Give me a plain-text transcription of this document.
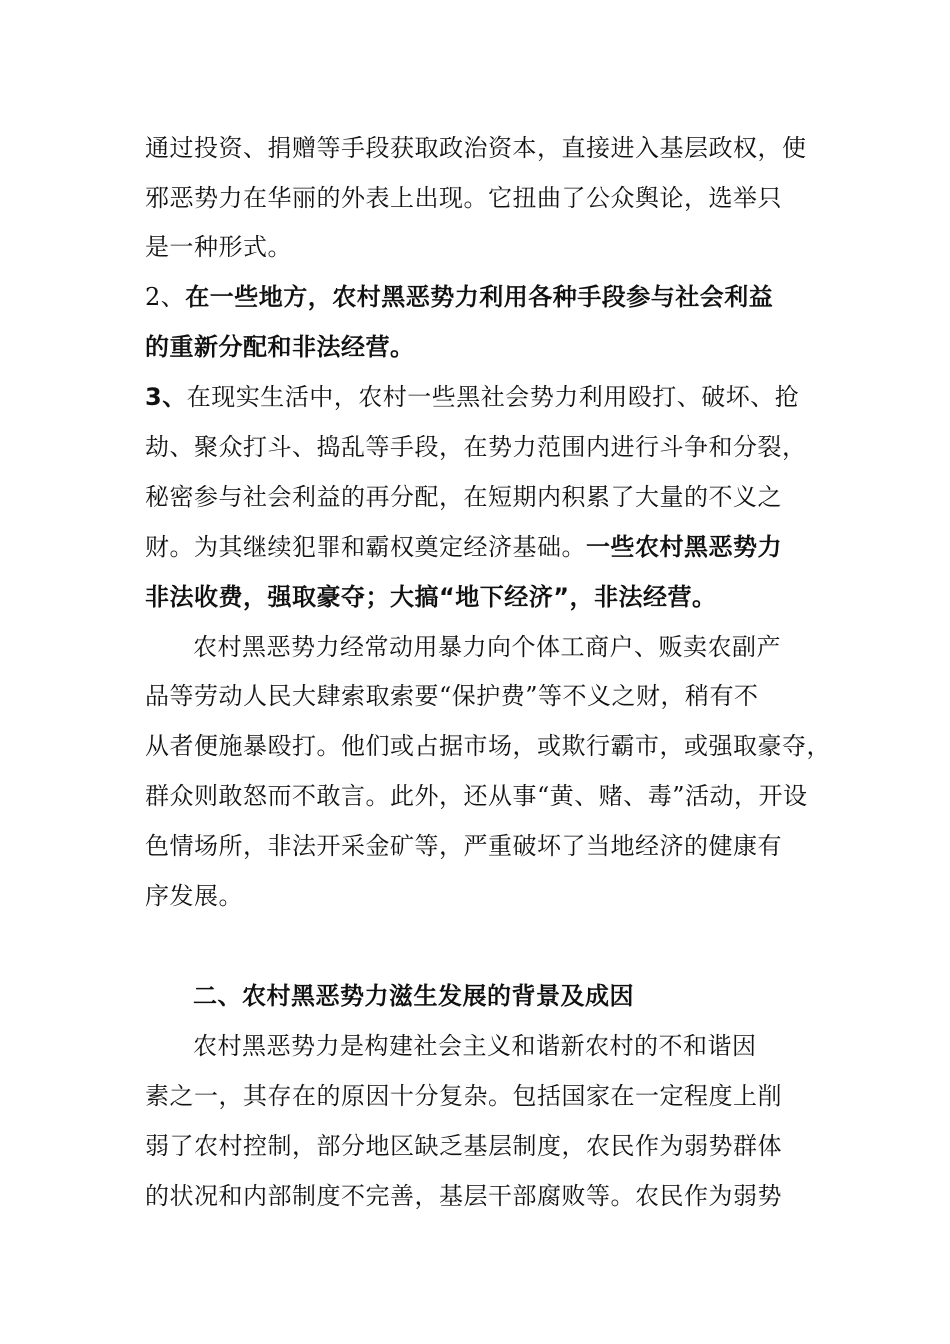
通过投资、捐赠等手段获取政治资本，直接进入基层政权，使
邪恶势力在华丽的外表上出现。它扭曲了公众舆论，选举只
是一种形式。
2、在一些地方，农村黑恶势力利用各种手段参与社会利益
的重新分配和非法经营。
3、在现实生活中，农村一些黑社会势力利用殴打、破坏、抢
劫、聚众打斗、捣乱等手段，在势力范围内进行斗争和分裂，
秘密参与社会利益的再分配，在短期内积累了大量的不义之
财。为其继续犯罪和霸权奠定经济基础。一些农村黑恶势力
非法收费，强取豪夺；大搞“地下经济”，非法经营。
农村黑恶势力经常动用暴力向个体工商户、贩卖农副产
品等劳动人民大肆索取索要“保护费”等不义之财，稍有不
从者便施暴殴打。他们或占据市场，或欺行霸市，或强取豪夺，
群众则敢怒而不敢言。此外，还从事“黄、赌、毒”活动，开设
色情场所，非法开采金矿等，严重破坏了当地经济的健康有
序发展。
二、农村黑恶势力滋生发展的背景及成因
农村黑恶势力是构建社会主义和谐新农村的不和谐因
素之一，其存在的原因十分复杂。包括国家在一定程度上削
弱了农村控制，部分地区缺乏基层制度，农民作为弱势群体
的状况和内部制度不完善，基层干部腐败等。农民作为弱势
